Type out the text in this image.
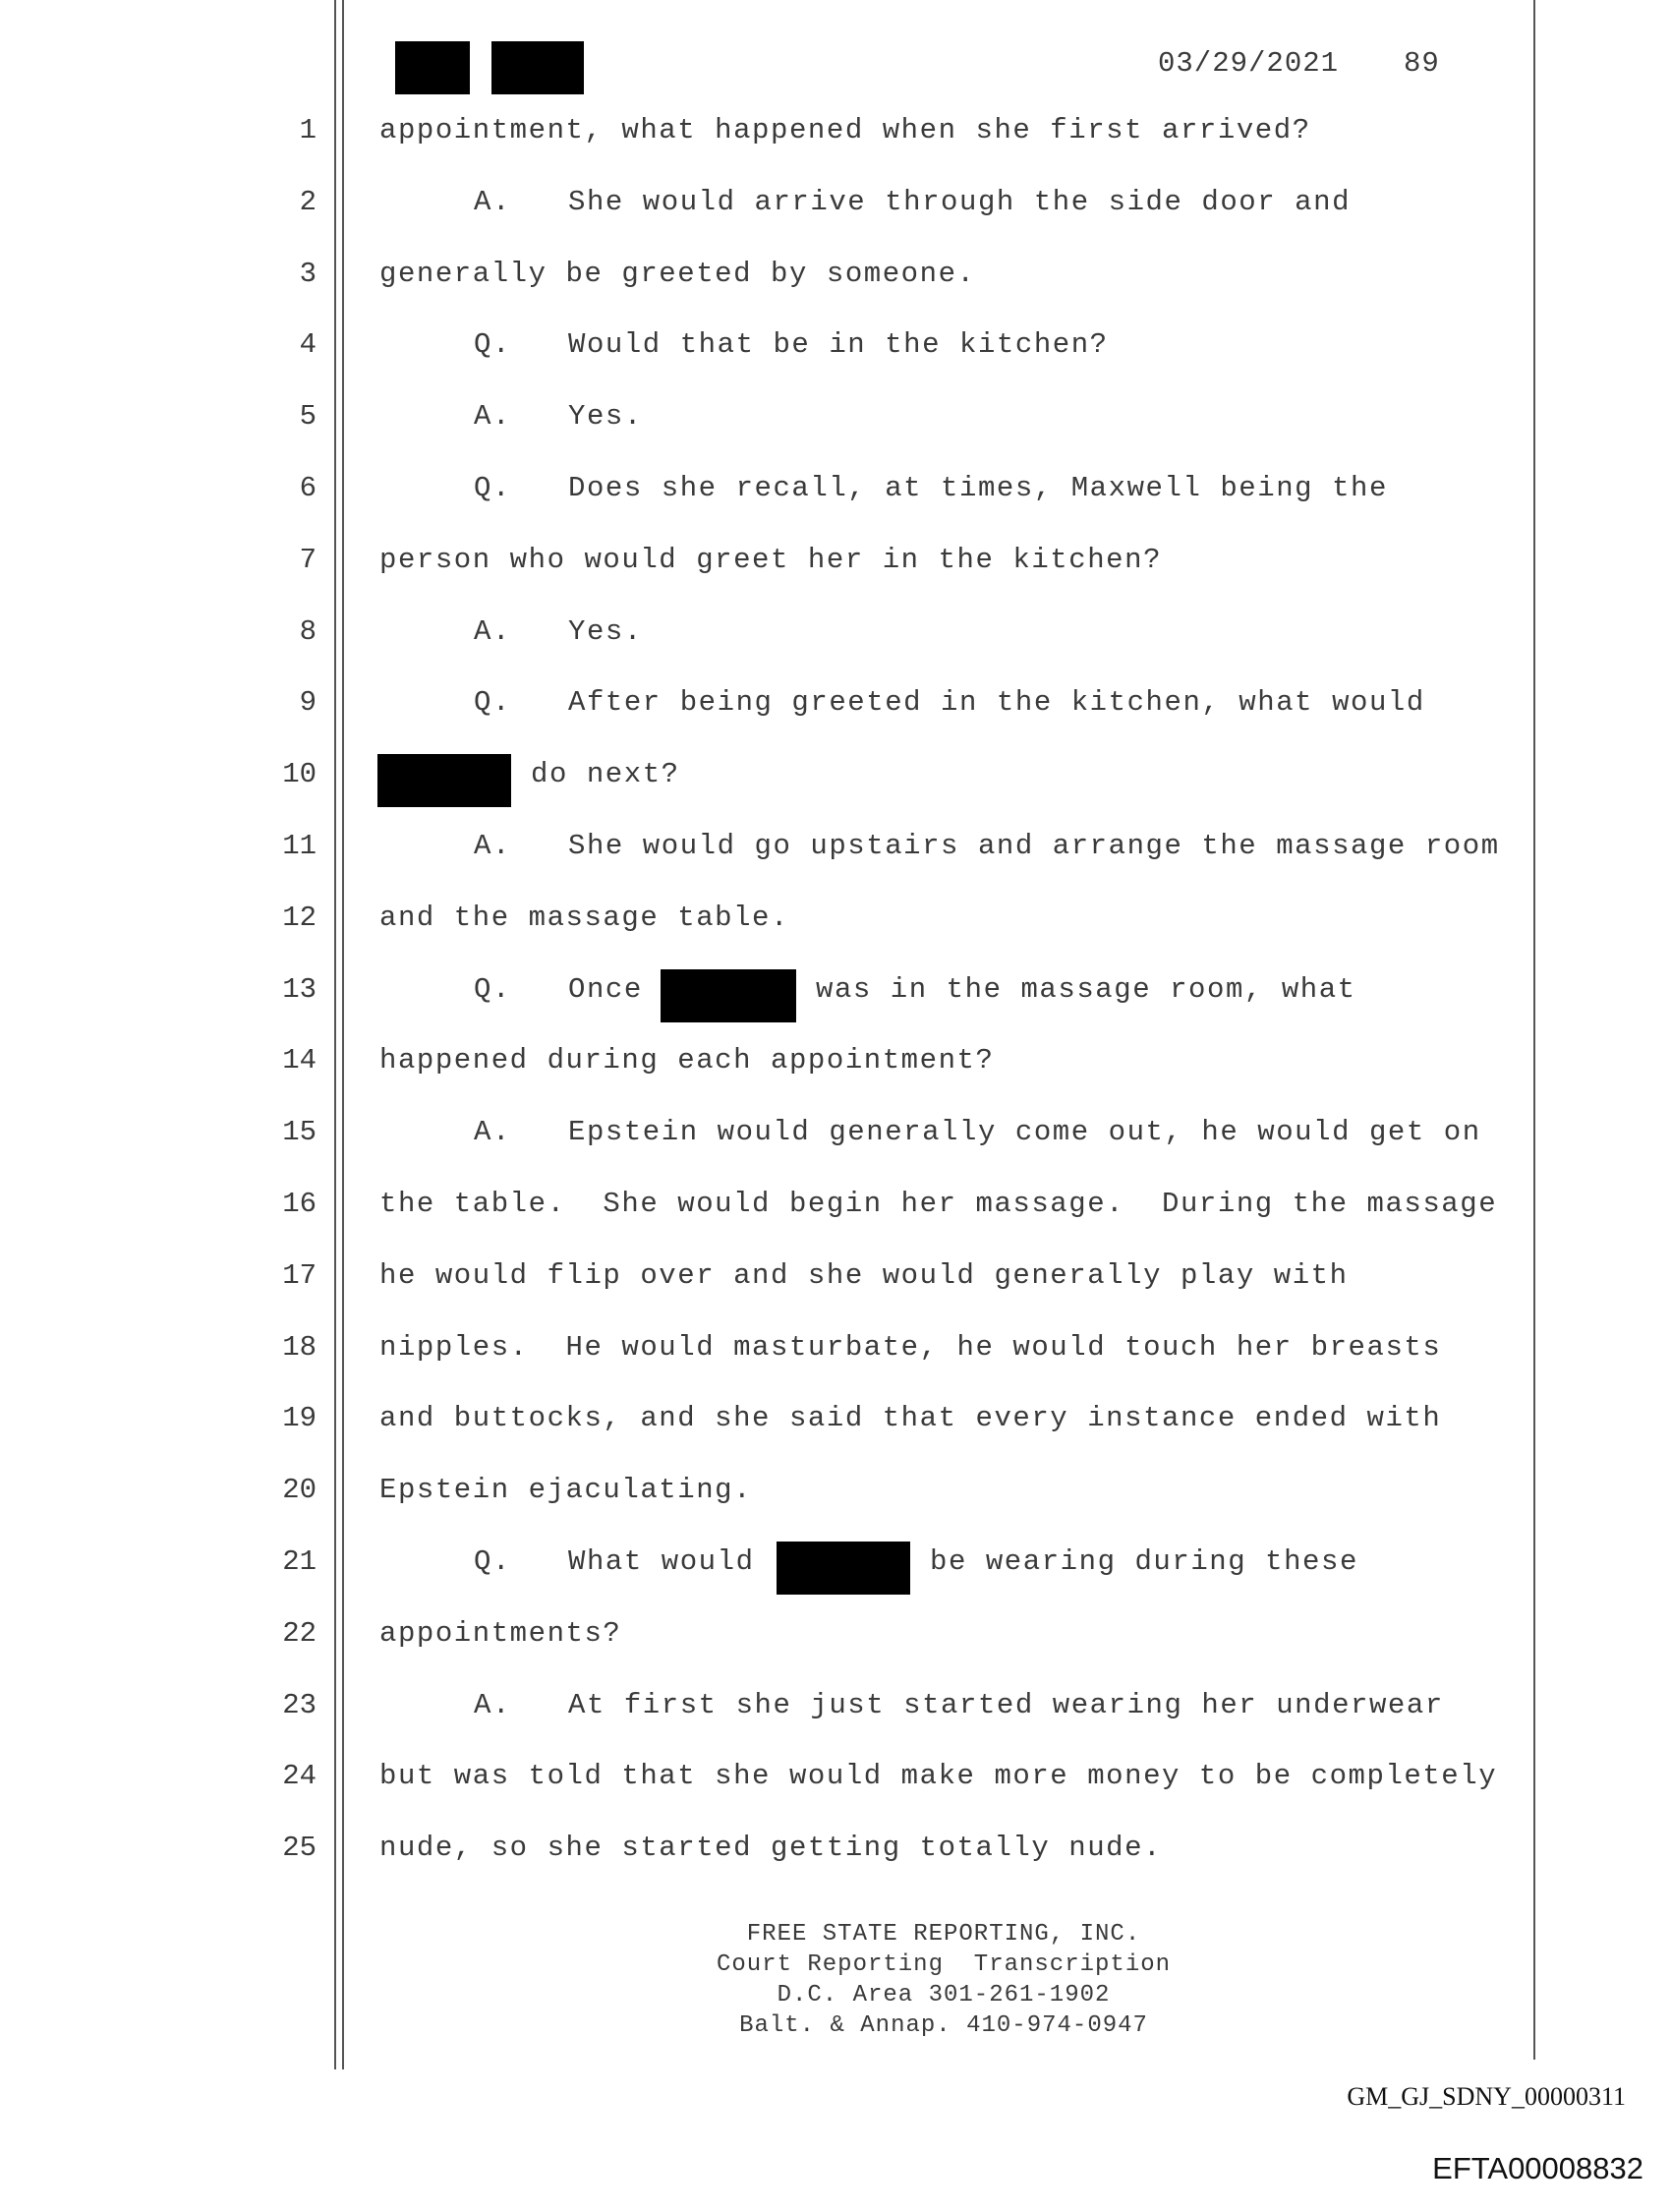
03/29/2021 89
1 appointment, what happened when she first arrived?
2	A. She would arrive through the side door and
3 generally be greeted by someone.
4	Q. Would that be in the kitchen?
5	A. Yes.
6	Q. Does she recall, at times, Maxwell being the
7 person who would greet her in the kitchen?
8	A. Yes.
9	Q. After being greeted in the kitchen, what would
10	do next?
11	A. She would go upstairs and arrange the massage room
12 and the massage table.
13	Q. Once	was in the massage room, what
14 happened during each appointment?
15	A. Epstein would generally come out, he would get on
16 the table.  She would begin her massage.  During the massage
17 he would flip over and she would generally play with
18 nipples.  He would masturbate, he would touch her breasts
19 and buttocks, and she said that every instance ended with
20 Epstein ejaculating.
21	Q. What would	be wearing during these
22 appointments?
23	A. At first she just started wearing her underwear
24 but was told that she would make more money to be completely
25 nude, so she started getting totally nude.
FREE STATE REPORTING, INC.
Court Reporting  Transcription
D.C. Area 301-261-1902
Balt. & Annap. 410-974-0947
GM_GJ_SDNY_00000311
EFTA00008832
